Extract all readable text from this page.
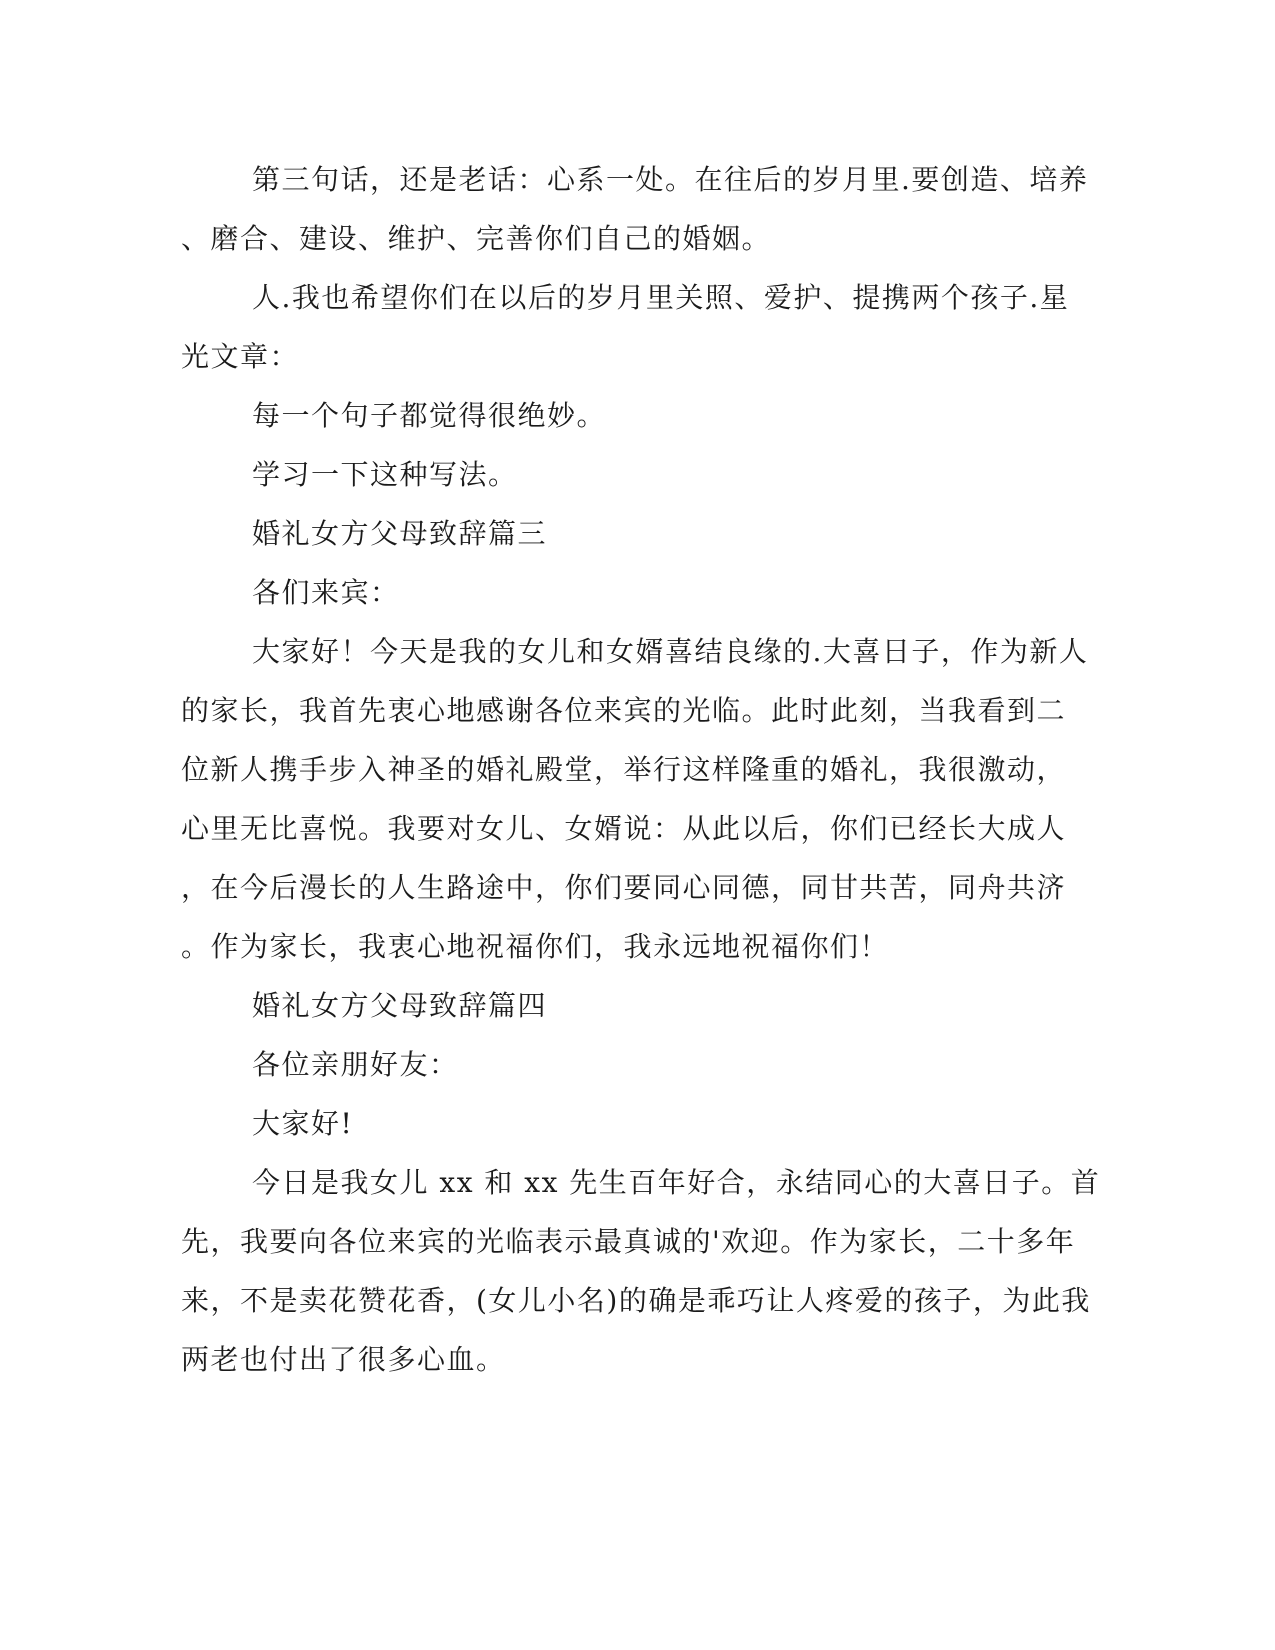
第三句话，还是老话：心系一处。在往后的岁月里.要创造、培养
、磨合、建设、维护、完善你们自己的婚姻。
人.我也希望你们在以后的岁月里关照、爱护、提携两个孩子.星
光文章：
每一个句子都觉得很绝妙。
学习一下这种写法。
婚礼女方父母致辞篇三
各们来宾：
大家好！今天是我的女儿和女婿喜结良缘的.大喜日子，作为新人
的家长，我首先衷心地感谢各位来宾的光临。此时此刻，当我看到二
位新人携手步入神圣的婚礼殿堂，举行这样隆重的婚礼，我很激动，
心里无比喜悦。我要对女儿、女婿说：从此以后，你们已经长大成人
，在今后漫长的人生路途中，你们要同心同德，同甘共苦，同舟共济
。作为家长，我衷心地祝福你们，我永远地祝福你们！
婚礼女方父母致辞篇四
各位亲朋好友：
大家好!
今日是我女儿 xx 和 xx 先生百年好合，永结同心的大喜日子。首
先，我要向各位来宾的光临表示最真诚的'欢迎。作为家长，二十多年
来，不是卖花赞花香，(女儿小名)的确是乖巧让人疼爱的孩子，为此我
两老也付出了很多心血。
